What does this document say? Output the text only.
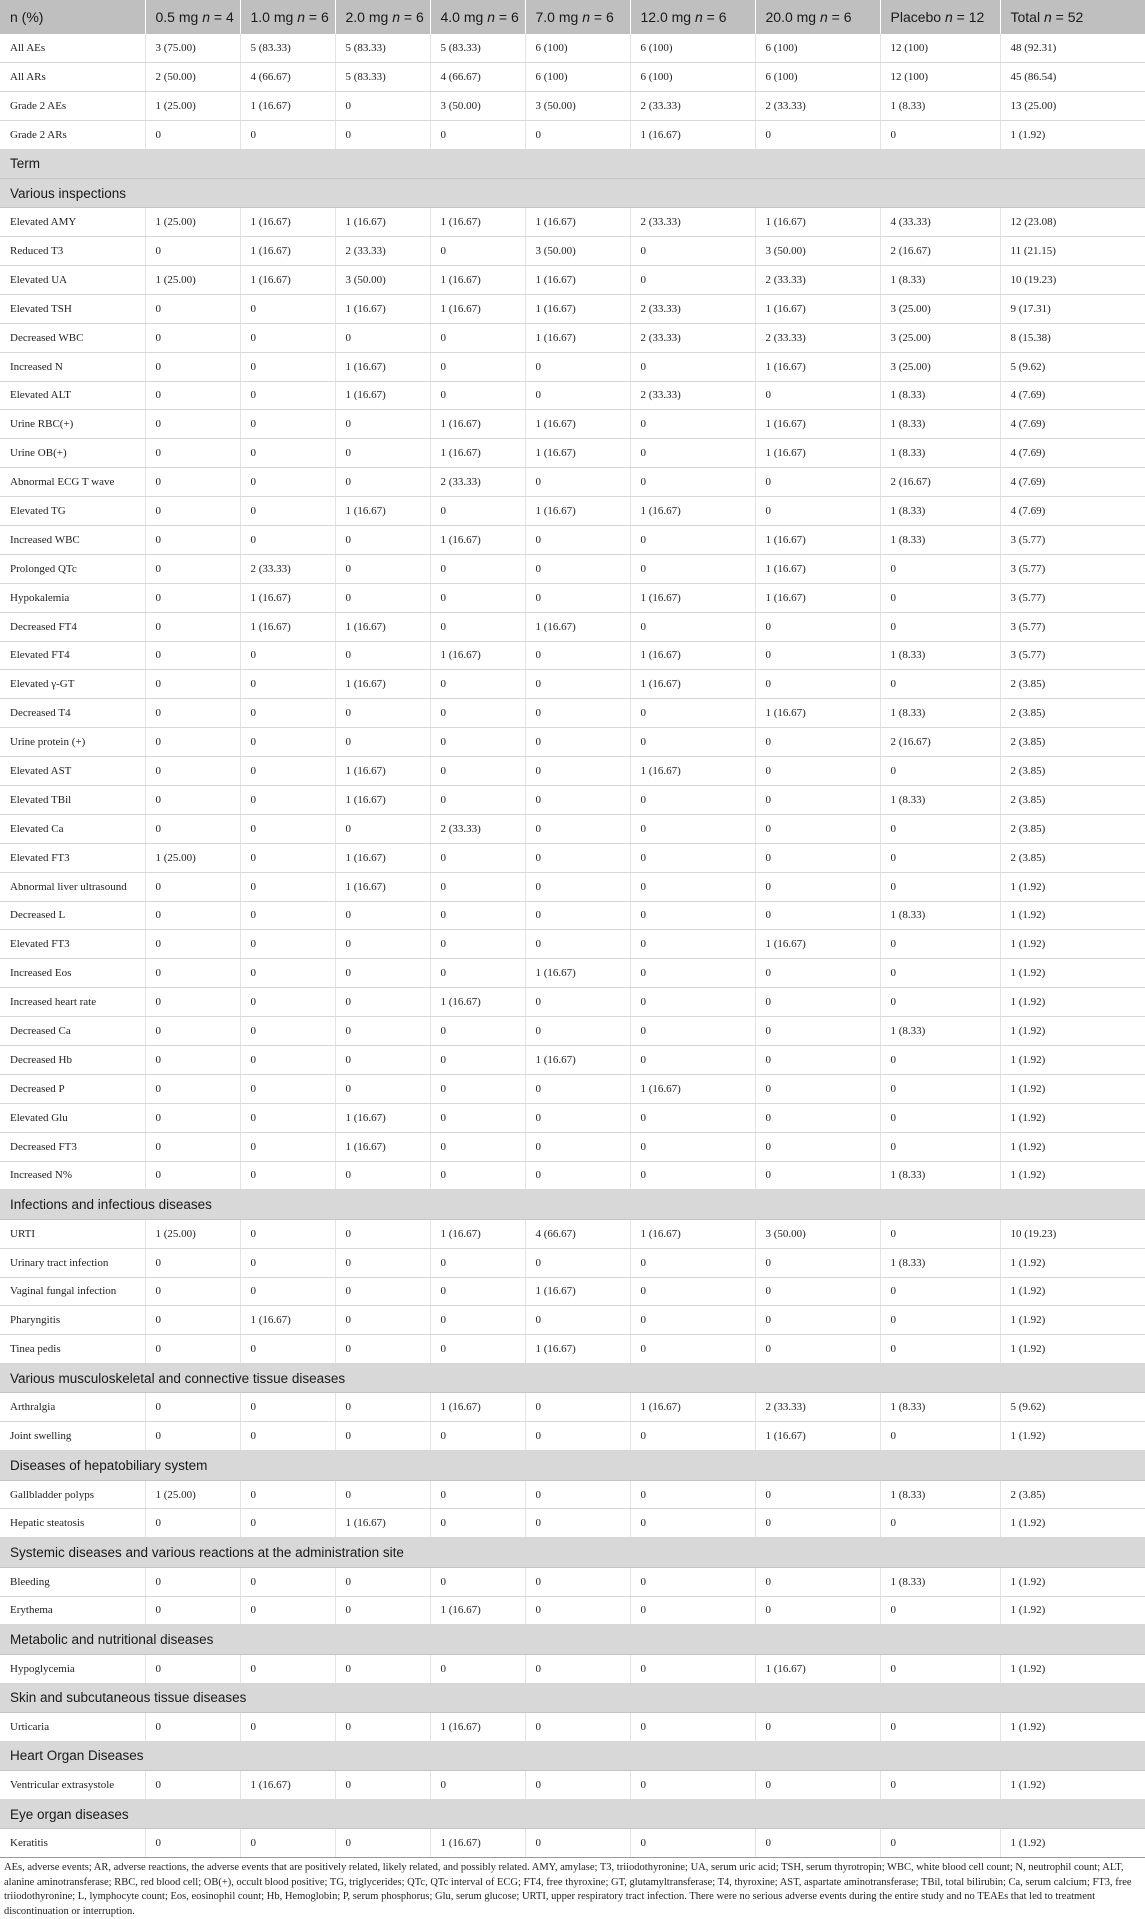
n (%)	0.5 mg n = 4	1.0 mg n = 6	2.0 mg n = 6	4.0 mg n = 6	7.0 mg n = 6	12.0 mg n = 6	20.0 mg n = 6	Placebo n = 12	Total n = 52
All AEs	3 (75.00)	5 (83.33)	5 (83.33)	5 (83.33)	6 (100)	6 (100)	6 (100)	12 (100)	48 (92.31)
All ARs	2 (50.00)	4 (66.67)	5 (83.33)	4 (66.67)	6 (100)	6 (100)	6 (100)	12 (100)	45 (86.54)
Grade 2 AEs	1 (25.00)	1 (16.67)	0	3 (50.00)	3 (50.00)	2 (33.33)	2 (33.33)	1 (8.33)	13 (25.00)
Grade 2 ARs	0	0	0	0	0	1 (16.67)	0	0	1 (1.92)
Term									
Various inspections									
Elevated AMY	1 (25.00)	1 (16.67)	1 (16.67)	1 (16.67)	1 (16.67)	2 (33.33)	1 (16.67)	4 (33.33)	12 (23.08)
Reduced T3	0	1 (16.67)	2 (33.33)	0	3 (50.00)	0	3 (50.00)	2 (16.67)	11 (21.15)
Elevated UA	1 (25.00)	1 (16.67)	3 (50.00)	1 (16.67)	1 (16.67)	0	2 (33.33)	1 (8.33)	10 (19.23)
Elevated TSH	0	0	1 (16.67)	1 (16.67)	1 (16.67)	2 (33.33)	1 (16.67)	3 (25.00)	9 (17.31)
Decreased WBC	0	0	0	0	1 (16.67)	2 (33.33)	2 (33.33)	3 (25.00)	8 (15.38)
Increased N	0	0	1 (16.67)	0	0	0	1 (16.67)	3 (25.00)	5 (9.62)
Elevated ALT	0	0	1 (16.67)	0	0	2 (33.33)	0	1 (8.33)	4 (7.69)
Urine RBC(+)	0	0	0	1 (16.67)	1 (16.67)	0	1 (16.67)	1 (8.33)	4 (7.69)
Urine OB(+)	0	0	0	1 (16.67)	1 (16.67)	0	1 (16.67)	1 (8.33)	4 (7.69)
Abnormal ECG T wave	0	0	0	2 (33.33)	0	0	0	2 (16.67)	4 (7.69)
Elevated TG	0	0	1 (16.67)	0	1 (16.67)	1 (16.67)	0	1 (8.33)	4 (7.69)
Increased WBC	0	0	0	1 (16.67)	0	0	1 (16.67)	1 (8.33)	3 (5.77)
Prolonged QTc	0	2 (33.33)	0	0	0	0	1 (16.67)	0	3 (5.77)
Hypokalemia	0	1 (16.67)	0	0	0	1 (16.67)	1 (16.67)	0	3 (5.77)
Decreased FT4	0	1 (16.67)	1 (16.67)	0	1 (16.67)	0	0	0	3 (5.77)
Elevated FT4	0	0	0	1 (16.67)	0	1 (16.67)	0	1 (8.33)	3 (5.77)
Elevated γ-GT	0	0	1 (16.67)	0	0	1 (16.67)	0	0	2 (3.85)
Decreased T4	0	0	0	0	0	0	1 (16.67)	1 (8.33)	2 (3.85)
Urine protein (+)	0	0	0	0	0	0	0	2 (16.67)	2 (3.85)
Elevated AST	0	0	1 (16.67)	0	0	1 (16.67)	0	0	2 (3.85)
Elevated TBil	0	0	1 (16.67)	0	0	0	0	1 (8.33)	2 (3.85)
Elevated Ca	0	0	0	2 (33.33)	0	0	0	0	2 (3.85)
Elevated FT3	1 (25.00)	0	1 (16.67)	0	0	0	0	0	2 (3.85)
Abnormal liver ultrasound	0	0	1 (16.67)	0	0	0	0	0	1 (1.92)
Decreased L	0	0	0	0	0	0	0	1 (8.33)	1 (1.92)
Elevated FT3	0	0	0	0	0	0	1 (16.67)	0	1 (1.92)
Increased Eos	0	0	0	0	1 (16.67)	0	0	0	1 (1.92)
Increased heart rate	0	0	0	1 (16.67)	0	0	0	0	1 (1.92)
Decreased Ca	0	0	0	0	0	0	0	1 (8.33)	1 (1.92)
Decreased Hb	0	0	0	0	1 (16.67)	0	0	0	1 (1.92)
Decreased P	0	0	0	0	0	1 (16.67)	0	0	1 (1.92)
Elevated Glu	0	0	1 (16.67)	0	0	0	0	0	1 (1.92)
Decreased FT3	0	0	1 (16.67)	0	0	0	0	0	1 (1.92)
Increased N%	0	0	0	0	0	0	0	1 (8.33)	1 (1.92)
Infections and infectious diseases									
URTI	1 (25.00)	0	0	1 (16.67)	4 (66.67)	1 (16.67)	3 (50.00)	0	10 (19.23)
Urinary tract infection	0	0	0	0	0	0	0	1 (8.33)	1 (1.92)
Vaginal fungal infection	0	0	0	0	1 (16.67)	0	0	0	1 (1.92)
Pharyngitis	0	1 (16.67)	0	0	0	0	0	0	1 (1.92)
Tinea pedis	0	0	0	0	1 (16.67)	0	0	0	1 (1.92)
Various musculoskeletal and connective tissue diseases									
Arthralgia	0	0	0	1 (16.67)	0	1 (16.67)	2 (33.33)	1 (8.33)	5 (9.62)
Joint swelling	0	0	0	0	0	0	1 (16.67)	0	1 (1.92)
Diseases of hepatobiliary system									
Gallbladder polyps	1 (25.00)	0	0	0	0	0	0	1 (8.33)	2 (3.85)
Hepatic steatosis	0	0	1 (16.67)	0	0	0	0	0	1 (1.92)
Systemic diseases and various reactions at the administration site									
Bleeding	0	0	0	0	0	0	0	1 (8.33)	1 (1.92)
Erythema	0	0	0	1 (16.67)	0	0	0	0	1 (1.92)
Metabolic and nutritional diseases									
Hypoglycemia	0	0	0	0	0	0	1 (16.67)	0	1 (1.92)
Skin and subcutaneous tissue diseases									
Urticaria	0	0	0	1 (16.67)	0	0	0	0	1 (1.92)
Heart Organ Diseases									
Ventricular extrasystole	0	1 (16.67)	0	0	0	0	0	0	1 (1.92)
Eye organ diseases									
Keratitis	0	0	0	1 (16.67)	0	0	0	0	1 (1.92)
AEs, adverse events; AR, adverse reactions, the adverse events that are positively related, likely related, and possibly related. AMY, amylase; T3, triiodothyronine; UA, serum uric acid; TSH, serum thyrotropin; WBC, white blood cell count; N, neutrophil count; ALT, alanine aminotransferase; RBC, red blood cell; OB(+), occult blood positive; TG, triglycerides; QTc, QTc interval of ECG; FT4, free thyroxine; GT, glutamyltransferase; T4, thyroxine; AST, aspartate aminotransferase; TBil, total bilirubin; Ca, serum calcium; FT3, free triiodothyronine; L, lymphocyte count; Eos, eosinophil count; Hb, Hemoglobin; P, serum phosphorus; Glu, serum glucose; URTI, upper respiratory tract infection. There were no serious adverse events during the entire study and no TEAEs that led to treatment discontinuation or interruption.
